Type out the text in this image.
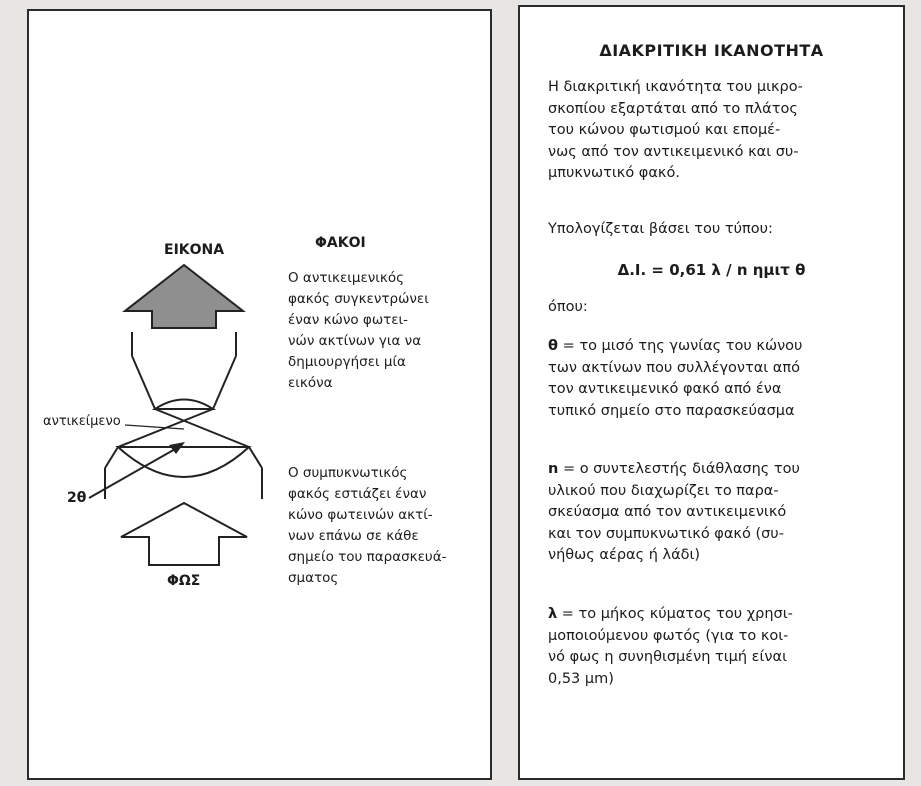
ΕΙΚΟΝΑ	ΦΑΚΟΙ
αντικείμενο
2θ
ΦΩΣ
Ο αντικειμενικός
φακός συγκεντρώνει
έναν κώνο φωτει-
νών ακτίνων για να
δημιουργήσει μία
εικόνα
Ο συμπυκνωτικός
φακός εστιάζει έναν
κώνο φωτεινών ακτί-
νων επάνω σε κάθε
σημείο του παρασκευά-
σματος
ΔΙΑΚΡΙΤΙΚΗ ΙΚΑΝΟΤΗΤΑ
Η διακριτική ικανότητα του μικρο-
σκοπίου εξαρτάται από το πλάτος
του κώνου φωτισμού και επομέ-
νως από τον αντικειμενικό και συ-
μπυκνωτικό φακό.
Υπολογίζεται βάσει του τύπου:
Δ.Ι. = 0,61 λ / n ημιτ θ
όπου:
θ = το μισό της γωνίας του κώνου
των ακτίνων που συλλέγονται από
τον αντικειμενικό φακό από ένα
τυπικό σημείο στο παρασκεύασμα
n = ο συντελεστής διάθλασης του
υλικού που διαχωρίζει το παρα-
σκεύασμα από τον αντικειμενικό
και τον συμπυκνωτικό φακό (συ-
νήθως αέρας ή λάδι)
λ = το μήκος κύματος του χρησι-
μοποιούμενου φωτός (για το κοι-
νό φως η συνηθισμένη τιμή είναι
0,53 μm)
